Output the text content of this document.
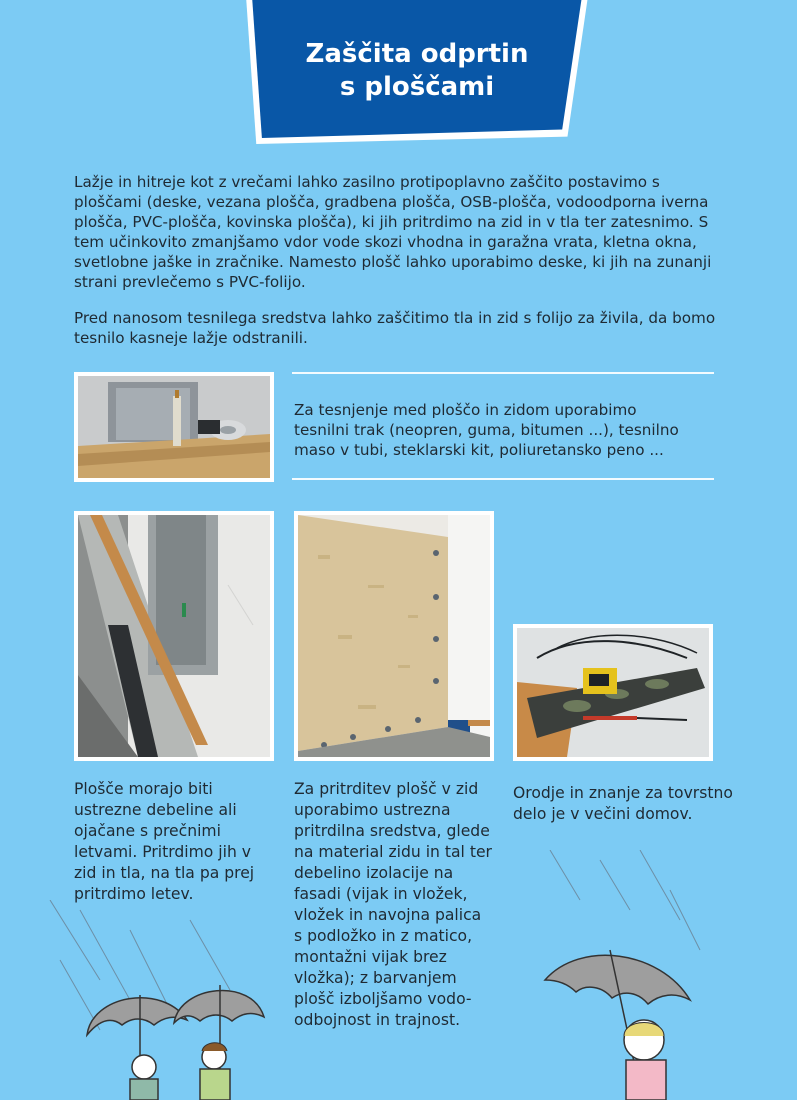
Zaščita odprtin
s ploščami

Lažje in hitreje kot z vrečami lahko zasilno protipoplavno zaščito postavimo s ploščami (deske, vezana plošča, gradbena plošča, OSB-plošča, vodoodporna iverna plošča, PVC-plošča, kovinska plošča), ki jih pritrdimo na zid in v tla ter zatesnimo. S tem učinkovito zmanjšamo vdor vode skozi vhodna in garažna vrata, kletna okna, svetlobne jaške in zračnike. Namesto plošč lahko uporabimo deske, ki jih na zunanji strani prevlečemo s PVC-folijo.

Pred nanosom tesnilega sredstva lahko zaščitimo tla in zid s folijo za živila, da bomo tesnilo kasneje lažje odstranili.

Za tesnjenje med ploščo in zidom uporabimo tesnilni trak (neopren, guma, bitumen ...), tesnilno maso v tubi, steklarski kit, poliuretansko peno ...

Plošče morajo biti ustrezne debeline ali ojačane s prečnimi letvami. Pritrdimo jih v zid in tla, na tla pa prej pritrdimo letev.

Za pritrditev plošč v zid uporabimo ustrezna pritrdilna sredstva, glede na material zidu in tal ter debelino izolacije na fasadi (vijak in vložek, vložek in navojna palica s podložko in z matico, montažni vijak brez vložka); z barvanjem plošč izboljšamo vodo-odbojnost in trajnost.

Orodje in znanje za tovrstno delo je v večini domov.
